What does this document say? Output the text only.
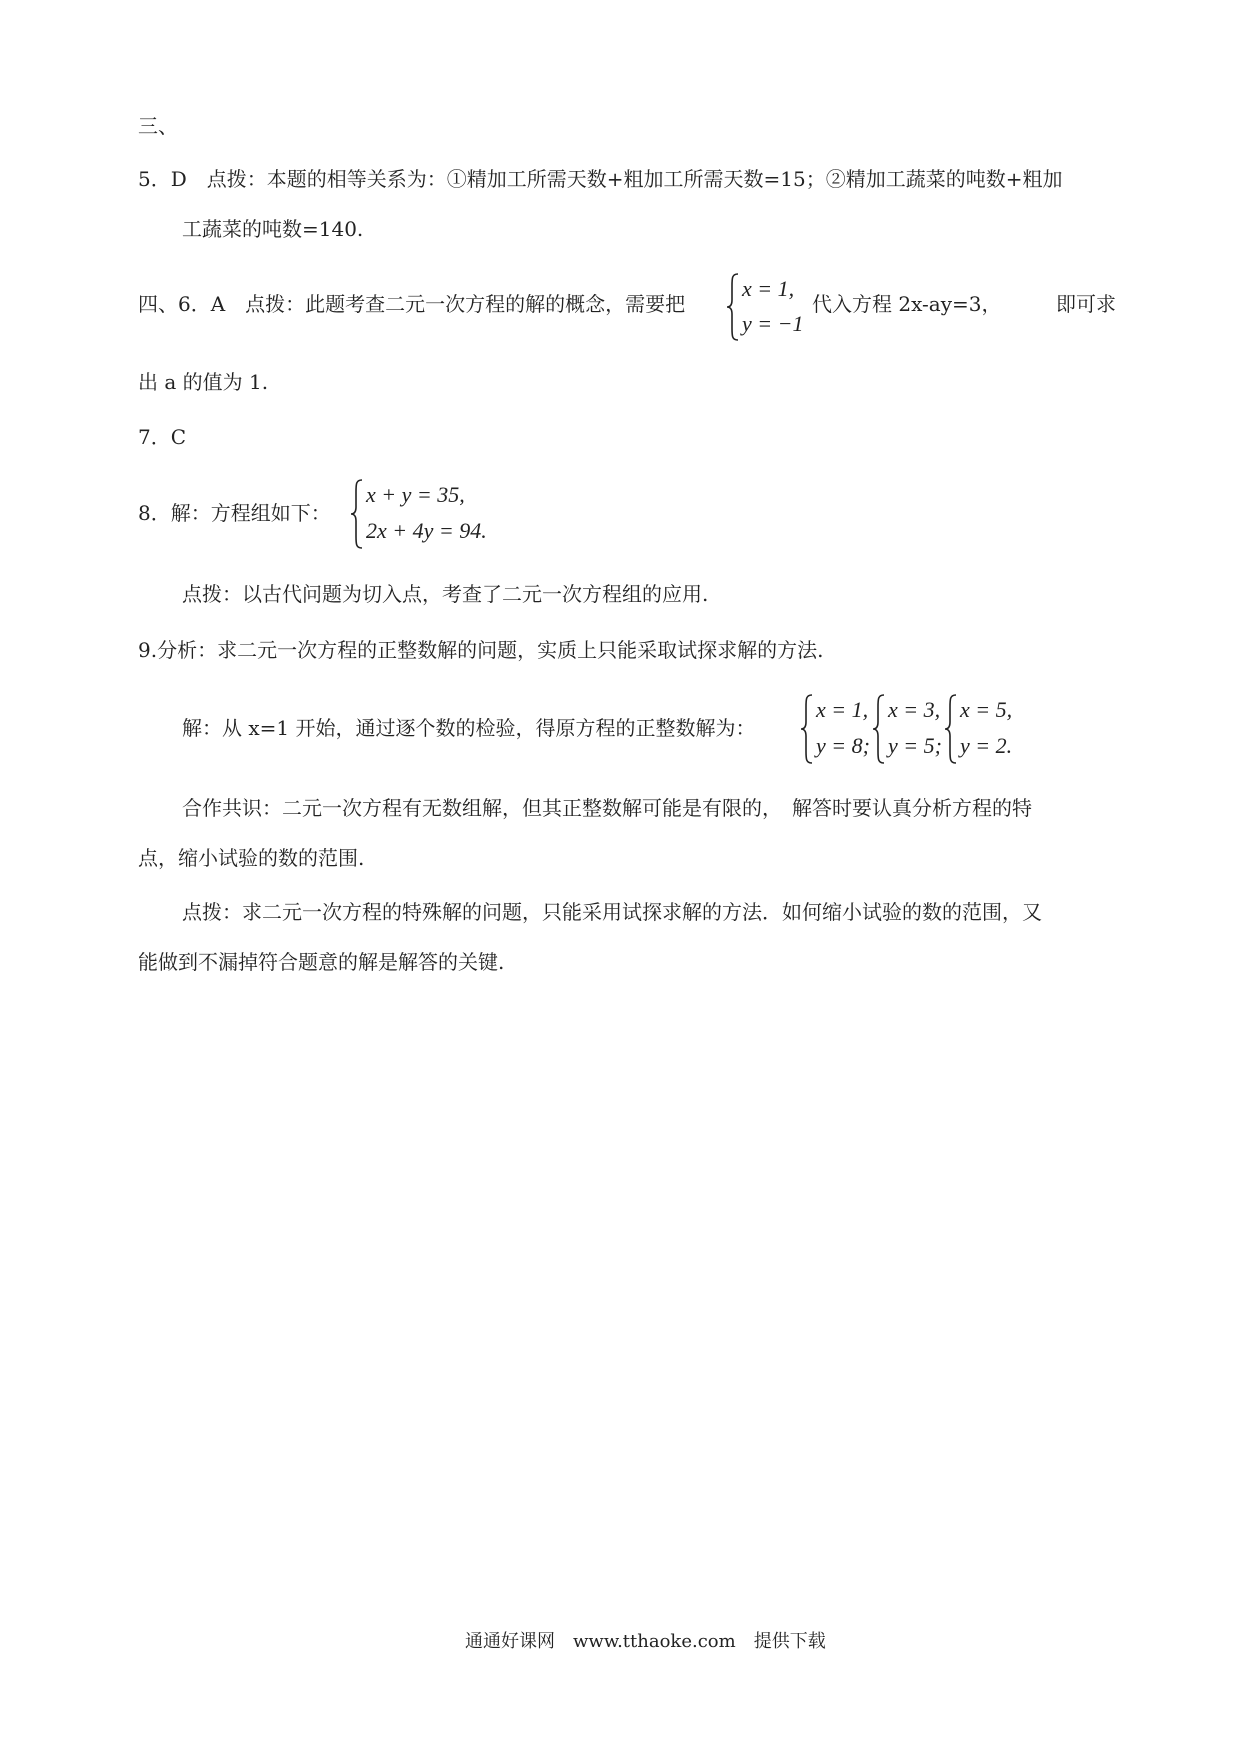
三、
5．D　点拨：本题的相等关系为：①精加工所需天数+粗加工所需天数=15；②精加工蔬菜的吨数+粗加
工蔬菜的吨数=140.
四、6．A　点拨：此题考查二元一次方程的解的概念，需要把
x = 1,
y = −1
代入方程 2x-ay=3，	即可求
出 a 的值为 1.
7．C
8．解：方程组如下：
x + y = 35,
2x + 4y = 94.
点拨：以古代问题为切入点，考查了二元一次方程组的应用.
9.分析：求二元一次方程的正整数解的问题，实质上只能采取试探求解的方法.
解：从 x=1 开始，通过逐个数的检验，得原方程的正整数解为：
x = 1,
y = 8;
x = 3,
y = 5;
x = 5,
y = 2.
合作共识：二元一次方程有无数组解，但其正整数解可能是有限的，　解答时要认真分析方程的特
点，缩小试验的数的范围.
点拨：求二元一次方程的特殊解的问题，只能采用试探求解的方法．如何缩小试验的数的范围，又
能做到不漏掉符合题意的解是解答的关键.
通通好课网　www.tthaoke.com　提供下载
